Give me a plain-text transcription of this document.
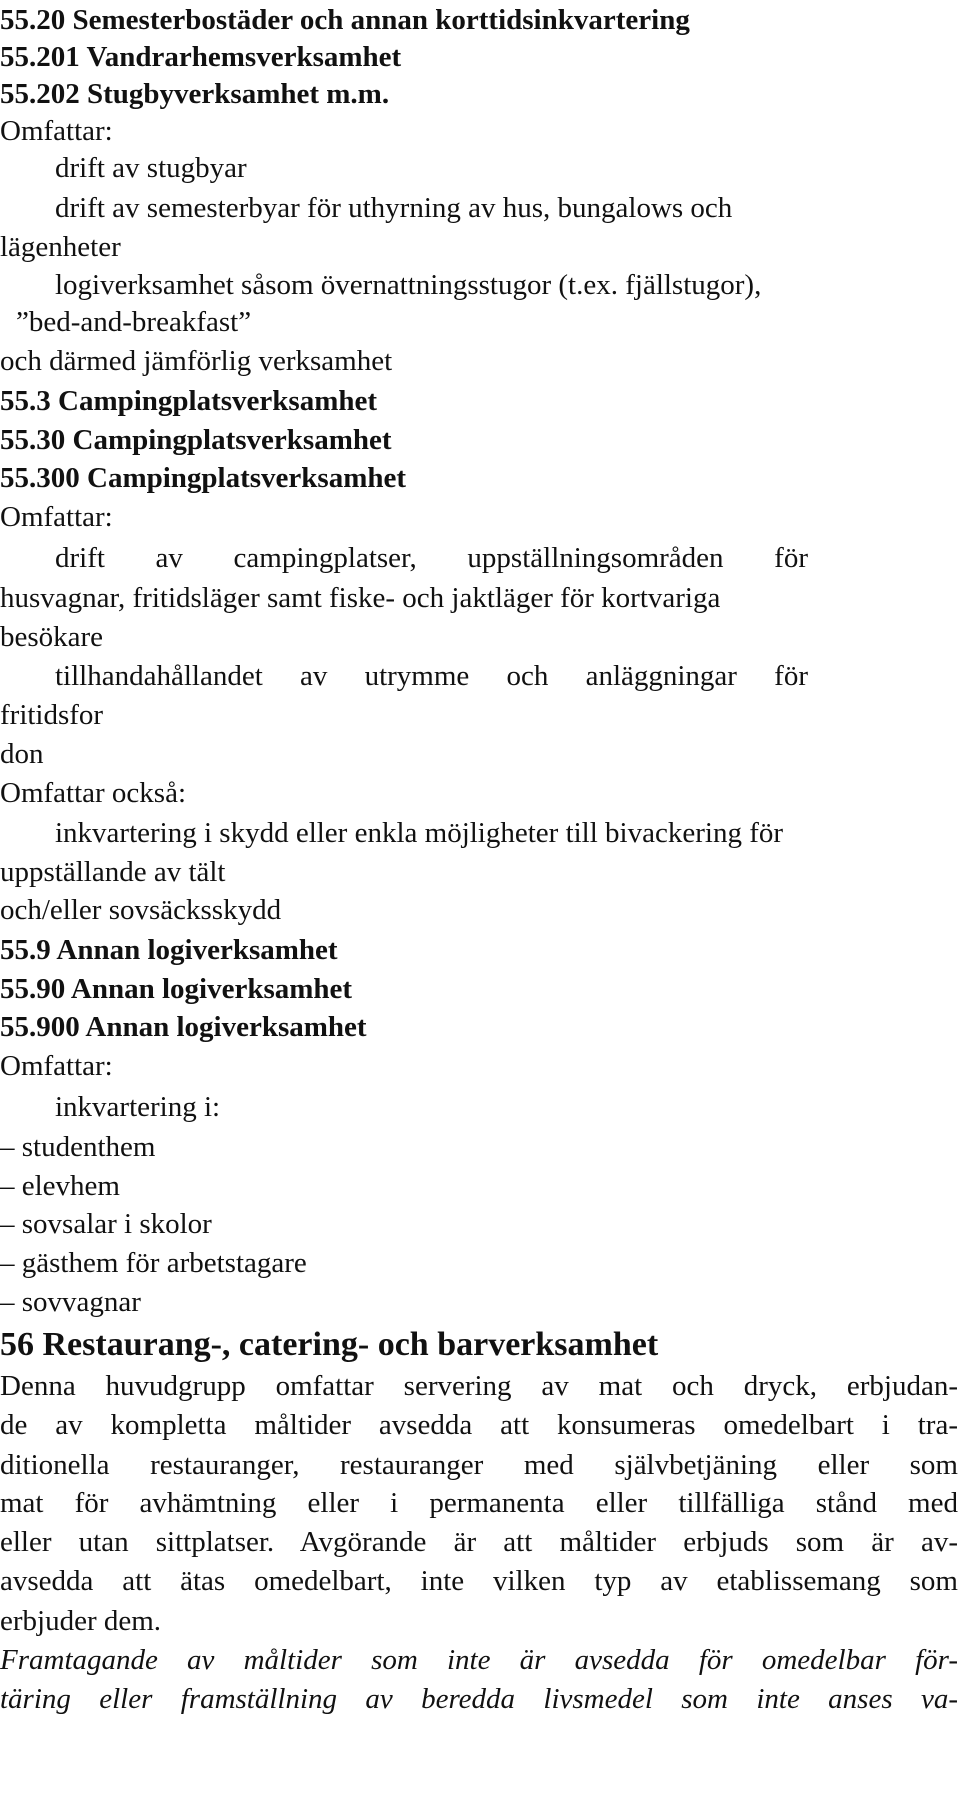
55.20 Semesterbostäder och annan korttidsinkvartering
55.201 Vandrarhemsverksamhet
55.202 Stugbyverksamhet m.m.
Omfattar:
drift av stugbyar
drift av semesterbyar för uthyrning av hus, bungalows och
lägenheter
logiverksamhet såsom övernattningsstugor (t.ex. fjällstugor),
”bed-and-breakfast”
och därmed jämförlig verksamhet
55.3 Campingplatsverksamhet
55.30 Campingplatsverksamhet
55.300 Campingplatsverksamhet
Omfattar:
drift av campingplatser, uppställningsområden för
husvagnar, fritidsläger samt fiske- och jaktläger för kortvariga
besökare
tillhandahållandet av utrymme och anläggningar för
fritidsfor
don
Omfattar också:
inkvartering i skydd eller enkla möjligheter till bivackering för
uppställande av tält
och/eller sovsäcksskydd
55.9 Annan logiverksamhet
55.90 Annan logiverksamhet
55.900 Annan logiverksamhet
Omfattar:
inkvartering i:
– studenthem
– elevhem
– sovsalar i skolor
– gästhem för arbetstagare
– sovvagnar
56 Restaurang-, catering- och barverksamhet
Denna huvudgrupp omfattar servering av mat och dryck, erbjudan-
de av kompletta måltider avsedda att konsumeras omedelbart i tra-
ditionella restauranger, restauranger med självbetjäning eller som
mat för avhämtning eller i permanenta eller tillfälliga stånd med
eller utan sittplatser. Avgörande är att måltider erbjuds som är av-
avsedda att ätas omedelbart, inte vilken typ av etablissemang som
erbjuder dem.
Framtagande av måltider som inte är avsedda för omedelbar för-
täring eller framställning av beredda livsmedel som inte anses va-
